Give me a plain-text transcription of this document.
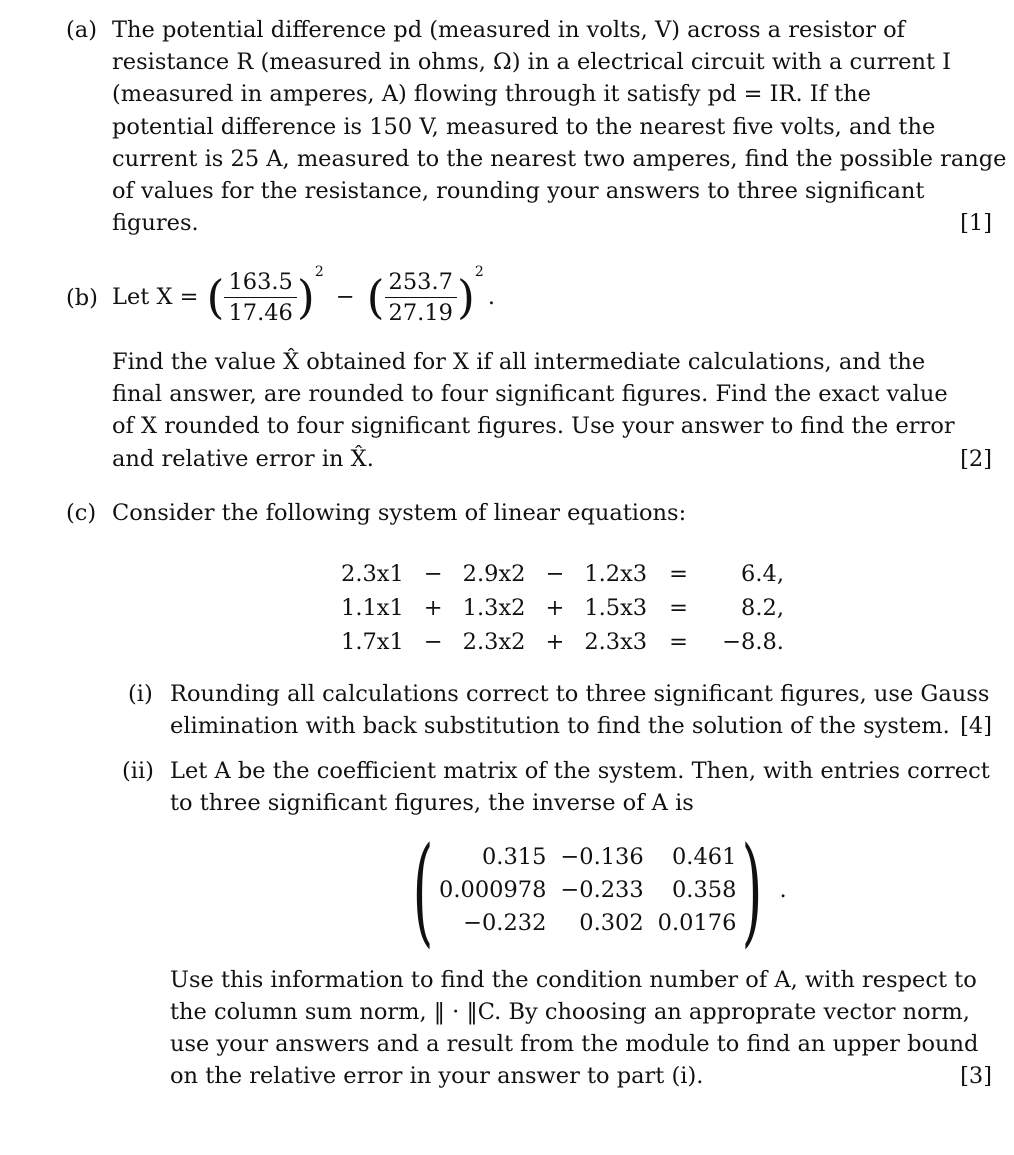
(a) The potential difference pd (measured in volts, V) across a resistor of
resistance R (measured in ohms, Ω) in a electrical circuit with a current I
(measured in amperes, A) flowing through it satisfy pd = IR. If the
potential difference is 150 V, measured to the nearest five volts, and the
current is 25 A, measured to the nearest two amperes, find the possible range
of values for the resistance, rounding your answers to three significant
figures.	[1]
(b) Let X = ( $\frac{163.5}{17.46}$ ) 2
− ( $\frac{253.7}{27.19}$ ) 2
.
Find the value X̂ obtained for X if all intermediate calculations, and the
final answer, are rounded to four significant figures. Find the exact value
of X rounded to four significant figures. Use your answer to find the error
and relative error in X̂.	[2]
(c) Consider the following system of linear equations:
2.3x1	−	2.9x2	−	1.2x3	=	6.4,
1.1x1	+	1.3x2	+	1.5x3	=	8.2,
1.7x1	−	2.3x2	+	2.3x3	=	−8.8.
(i) Rounding all calculations correct to three significant figures, use Gauss
elimination with back substitution to find the solution of the system. [4]
(ii) Let A be the coefficient matrix of the system. Then, with entries correct
to three significant figures, the inverse of A is
( 0.315	−0.136	0.461
0.000978	−0.233	0.358
−0.232	0.302	0.0176 ) .
Use this information to find the condition number of A, with respect to
the column sum norm, ‖ · ‖C. By choosing an approprate vector norm,
use your answers and a result from the module to find an upper bound
on the relative error in your answer to part (i).	[3]
